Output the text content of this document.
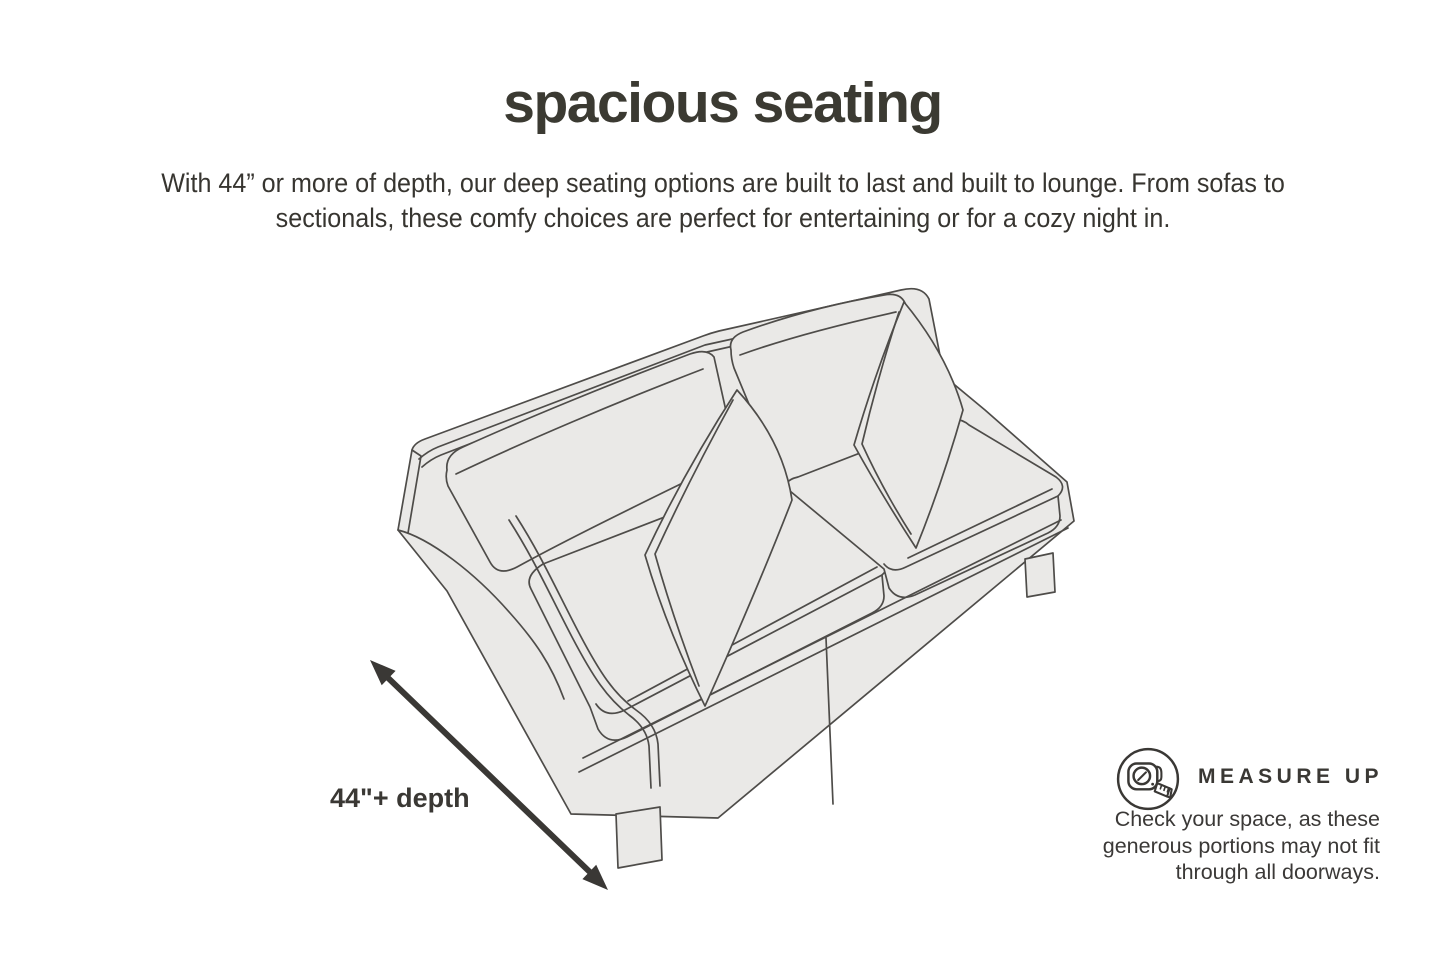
spacious seating
With 44” or more of depth, our deep seating options are built to last and built to lounge. From sofas to sectionals, these comfy choices are perfect for entertaining or for a cozy night in.
44"+ depth
MEASURE UP
Check your space, as these generous portions may not fit through all doorways.
